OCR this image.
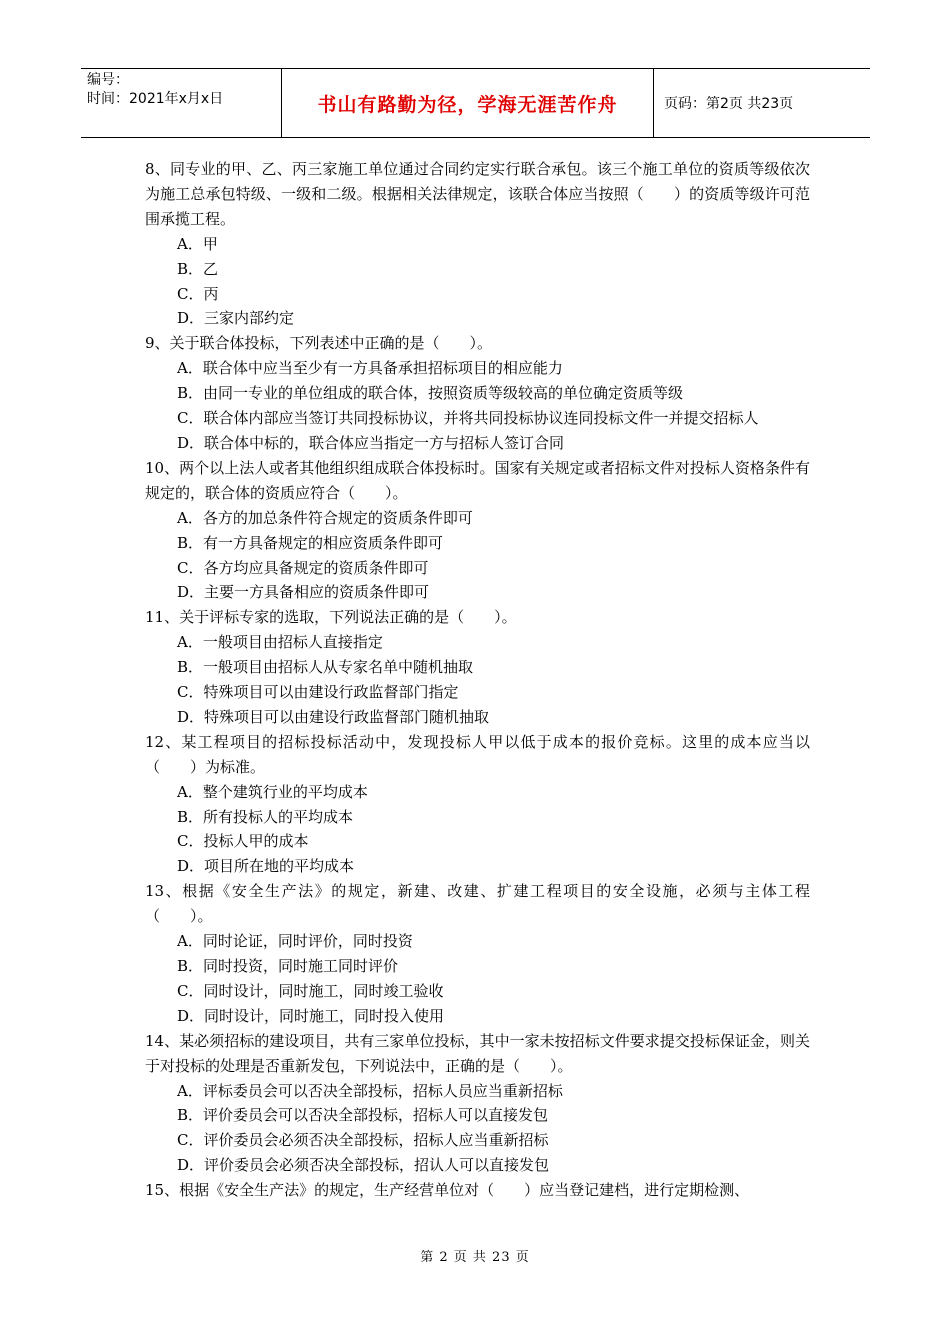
编号：
时间：2021年x月x日	书山有路勤为径，学海无涯苦作舟	页码：第2页 共23页

8、同专业的甲、乙、丙三家施工单位通过合同约定实行联合承包。该三个施工单位的资质等级依次为施工总承包特级、一级和二级。根据相关法律规定，该联合体应当按照（　　）的资质等级许可范围承揽工程。

A．甲

B．乙

C．丙

D．三家内部约定

9、关于联合体投标，下列表述中正确的是（　　）。

A．联合体中应当至少有一方具备承担招标项目的相应能力

B．由同一专业的单位组成的联合体，按照资质等级较高的单位确定资质等级

C．联合体内部应当签订共同投标协议，并将共同投标协议连同投标文件一并提交招标人

D．联合体中标的，联合体应当指定一方与招标人签订合同

10、两个以上法人或者其他组织组成联合体投标时。国家有关规定或者招标文件对投标人资格条件有规定的，联合体的资质应符合（　　）。

A．各方的加总条件符合规定的资质条件即可

B．有一方具备规定的相应资质条件即可

C．各方均应具备规定的资质条件即可

D．主要一方具备相应的资质条件即可

11、关于评标专家的选取，下列说法正确的是（　　）。

A．一般项目由招标人直接指定

B．一般项目由招标人从专家名单中随机抽取

C．特殊项目可以由建设行政监督部门指定

D．特殊项目可以由建设行政监督部门随机抽取

12、某工程项目的招标投标活动中，发现投标人甲以低于成本的报价竞标。这里的成本应当以（　　）为标准。

A．整个建筑行业的平均成本

B．所有投标人的平均成本

C．投标人甲的成本

D．项目所在地的平均成本

13、根据《安全生产法》的规定，新建、改建、扩建工程项目的安全设施，必须与主体工程（　　）。

A．同时论证，同时评价，同时投资

B．同时投资，同时施工同时评价

C．同时设计，同时施工，同时竣工验收

D．同时设计，同时施工，同时投入使用

14、某必须招标的建设项目，共有三家单位投标，其中一家未按招标文件要求提交投标保证金，则关于对投标的处理是否重新发包，下列说法中，正确的是（　　）。

A．评标委员会可以否决全部投标，招标人员应当重新招标

B．评价委员会可以否决全部投标，招标人可以直接发包

C．评价委员会必须否决全部投标，招标人应当重新招标

D．评价委员会必须否决全部投标，招认人可以直接发包

15、根据《安全生产法》的规定，生产经营单位对（　　）应当登记建档，进行定期检测、

第 2 页 共 23 页
